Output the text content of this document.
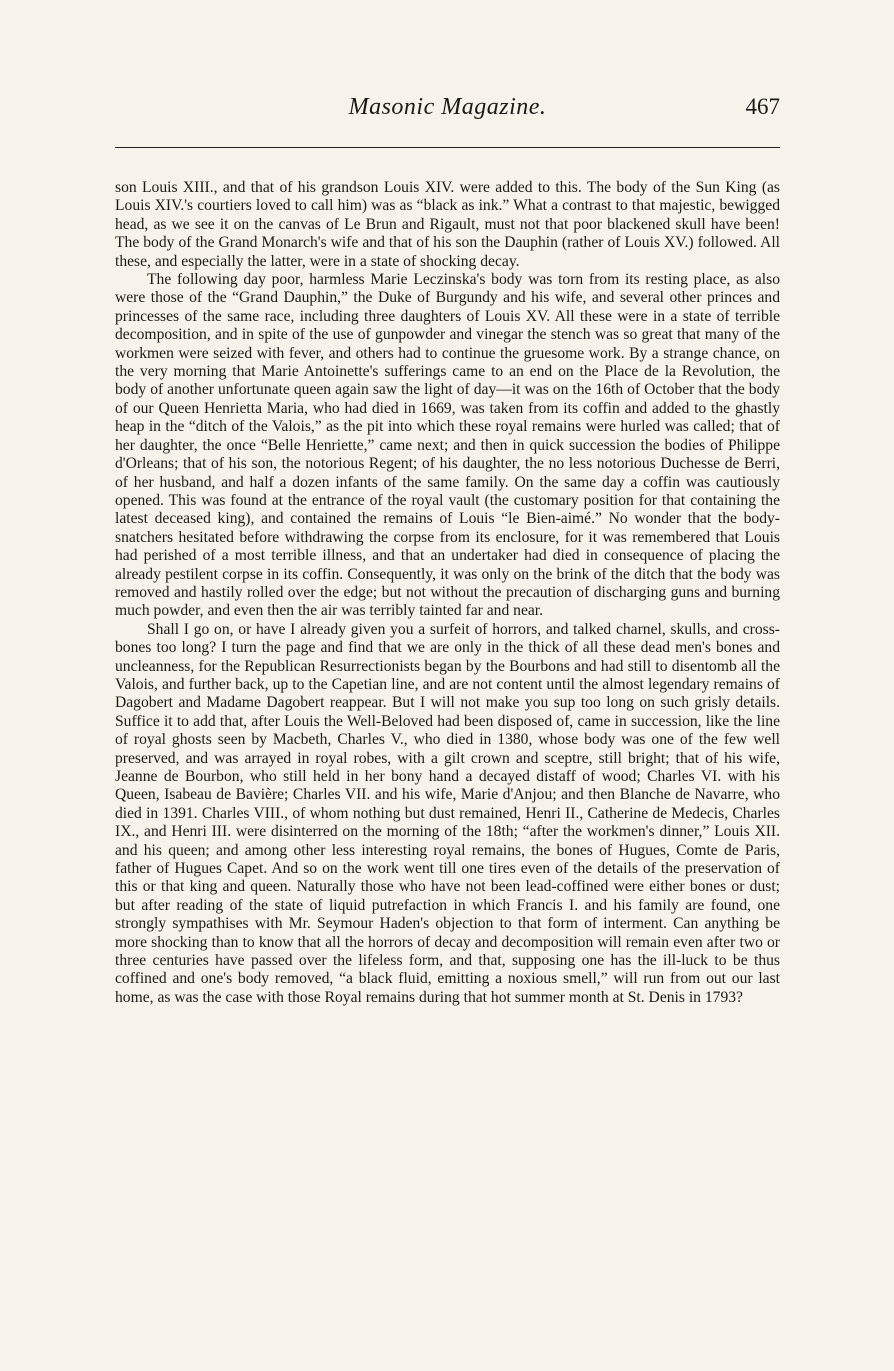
Masonic Magazine.	467

son Louis XIII., and that of his grandson Louis XIV. were added to this. The body of the Sun King (as Louis XIV.'s courtiers loved to call him) was as “black as ink.” What a contrast to that majestic, bewigged head, as we see it on the canvas of Le Brun and Rigault, must not that poor blackened skull have been! The body of the Grand Monarch's wife and that of his son the Dauphin (rather of Louis XV.) followed. All these, and especially the latter, were in a state of shocking decay.

The following day poor, harmless Marie Leczinska's body was torn from its resting place, as also were those of the “Grand Dauphin,” the Duke of Burgundy and his wife, and several other princes and princesses of the same race, including three daughters of Louis XV. All these were in a state of terrible decomposition, and in spite of the use of gunpowder and vinegar the stench was so great that many of the workmen were seized with fever, and others had to continue the gruesome work. By a strange chance, on the very morning that Marie Antoinette's sufferings came to an end on the Place de la Revolution, the body of another unfortunate queen again saw the light of day—it was on the 16th of October that the body of our Queen Henrietta Maria, who had died in 1669, was taken from its coffin and added to the ghastly heap in the “ditch of the Valois,” as the pit into which these royal remains were hurled was called; that of her daughter, the once “Belle Henriette,” came next; and then in quick succession the bodies of Philippe d'Orleans; that of his son, the notorious Regent; of his daughter, the no less notorious Duchesse de Berri, of her husband, and half a dozen infants of the same family. On the same day a coffin was cautiously opened. This was found at the entrance of the royal vault (the customary position for that containing the latest deceased king), and contained the remains of Louis “le Bien-aimé.” No wonder that the body-snatchers hesitated before withdrawing the corpse from its enclosure, for it was remembered that Louis had perished of a most terrible illness, and that an undertaker had died in consequence of placing the already pestilent corpse in its coffin. Consequently, it was only on the brink of the ditch that the body was removed and hastily rolled over the edge; but not without the precaution of discharging guns and burning much powder, and even then the air was terribly tainted far and near.

Shall I go on, or have I already given you a surfeit of horrors, and talked charnel, skulls, and cross-bones too long? I turn the page and find that we are only in the thick of all these dead men's bones and uncleanness, for the Republican Resurrectionists began by the Bourbons and had still to disentomb all the Valois, and further back, up to the Capetian line, and are not content until the almost legendary remains of Dagobert and Madame Dagobert reappear. But I will not make you sup too long on such grisly details. Suffice it to add that, after Louis the Well-Beloved had been disposed of, came in succession, like the line of royal ghosts seen by Macbeth, Charles V., who died in 1380, whose body was one of the few well preserved, and was arrayed in royal robes, with a gilt crown and sceptre, still bright; that of his wife, Jeanne de Bourbon, who still held in her bony hand a decayed distaff of wood; Charles VI. with his Queen, Isabeau de Bavière; Charles VII. and his wife, Marie d'Anjou; and then Blanche de Navarre, who died in 1391. Charles VIII., of whom nothing but dust remained, Henri II., Catherine de Medecis, Charles IX., and Henri III. were disinterred on the morning of the 18th; “after the workmen's dinner,” Louis XII. and his queen; and among other less interesting royal remains, the bones of Hugues, Comte de Paris, father of Hugues Capet. And so on the work went till one tires even of the details of the preservation of this or that king and queen. Naturally those who have not been lead-coffined were either bones or dust; but after reading of the state of liquid putrefaction in which Francis I. and his family are found, one strongly sympathises with Mr. Seymour Haden's objection to that form of interment. Can anything be more shocking than to know that all the horrors of decay and decomposition will remain even after two or three centuries have passed over the lifeless form, and that, supposing one has the ill-luck to be thus coffined and one's body removed, “a black fluid, emitting a noxious smell,” will run from out our last home, as was the case with those Royal remains during that hot summer month at St. Denis in 1793?
